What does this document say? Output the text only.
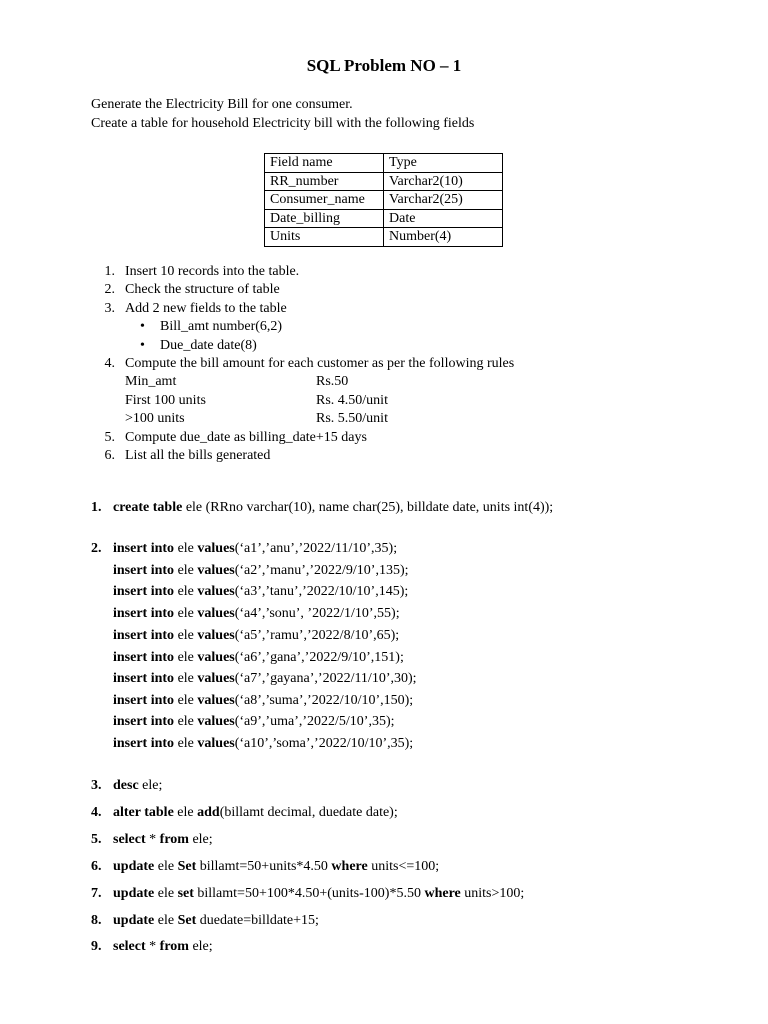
SQL Problem NO – 1
Generate the Electricity Bill for one consumer.
Create a table for household Electricity bill with the following fields
Field name	Type
RR_number	Varchar2(10)
Consumer_name	Varchar2(25)
Date_billing	Date
Units	Number(4)
1. Insert 10 records into the table.
2. Check the structure of table
3. Add 2 new fields to the table
• Bill_amt number(6,2)
• Due_date date(8)
4. Compute the bill amount for each customer as per the following rules
Min_amt	Rs.50
First 100 units	Rs. 4.50/unit
>100 units	Rs. 5.50/unit
5. Compute due_date as billing_date+15 days
6. List all the bills generated
1. create table ele (RRno varchar(10), name char(25), billdate date, units int(4));
2. insert into ele values(‘a1’,’anu’,’2022/11/10’,35);
insert into ele values(‘a2’,’manu’,’2022/9/10’,135);
insert into ele values(‘a3’,’tanu’,’2022/10/10’,145);
insert into ele values(‘a4’,’sonu’, ’2022/1/10’,55);
insert into ele values(‘a5’,’ramu’,’2022/8/10’,65);
insert into ele values(‘a6’,’gana’,’2022/9/10’,151);
insert into ele values(‘a7’,’gayana’,’2022/11/10’,30);
insert into ele values(‘a8’,’suma’,’2022/10/10’,150);
insert into ele values(‘a9’,’uma’,’2022/5/10’,35);
insert into ele values(‘a10’,’soma’,’2022/10/10’,35);
3. desc ele;
4. alter table ele add(billamt decimal, duedate date);
5. select * from ele;
6. update ele Set billamt=50+units*4.50 where units<=100;
7. update ele set billamt=50+100*4.50+(units-100)*5.50 where units>100;
8. update ele Set duedate=billdate+15;
9. select * from ele;
